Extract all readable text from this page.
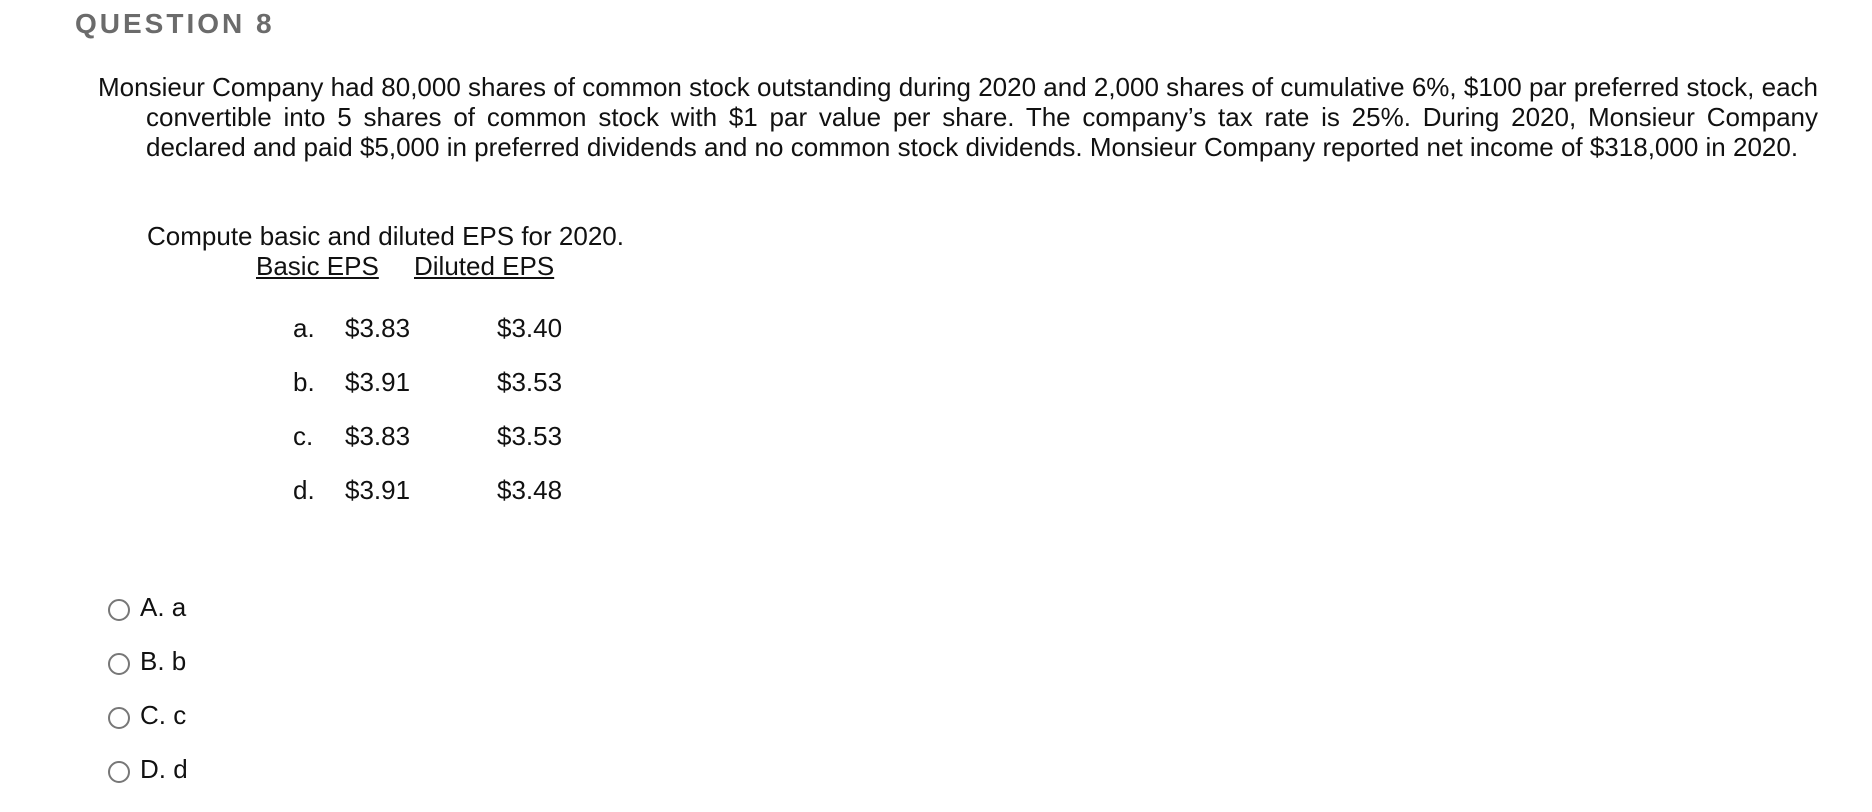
QUESTION 8
Monsieur Company had 80,000 shares of common stock outstanding during 2020 and 2,000 shares of cumulative 6%, $100 par preferred stock, each convertible into 5 shares of common stock with $1 par value per share. The company’s tax rate is 25%. During 2020, Monsieur Company declared and paid $5,000 in preferred dividends and no common stock dividends. Monsieur Company reported net income of $318,000 in 2020.
Compute basic and diluted EPS for 2020.
Basic EPS Diluted EPS
a. $3.83	$3.40
b. $3.91	$3.53
c. $3.83	$3.53
d. $3.91	$3.48
A. a
B. b
C. c
D. d
